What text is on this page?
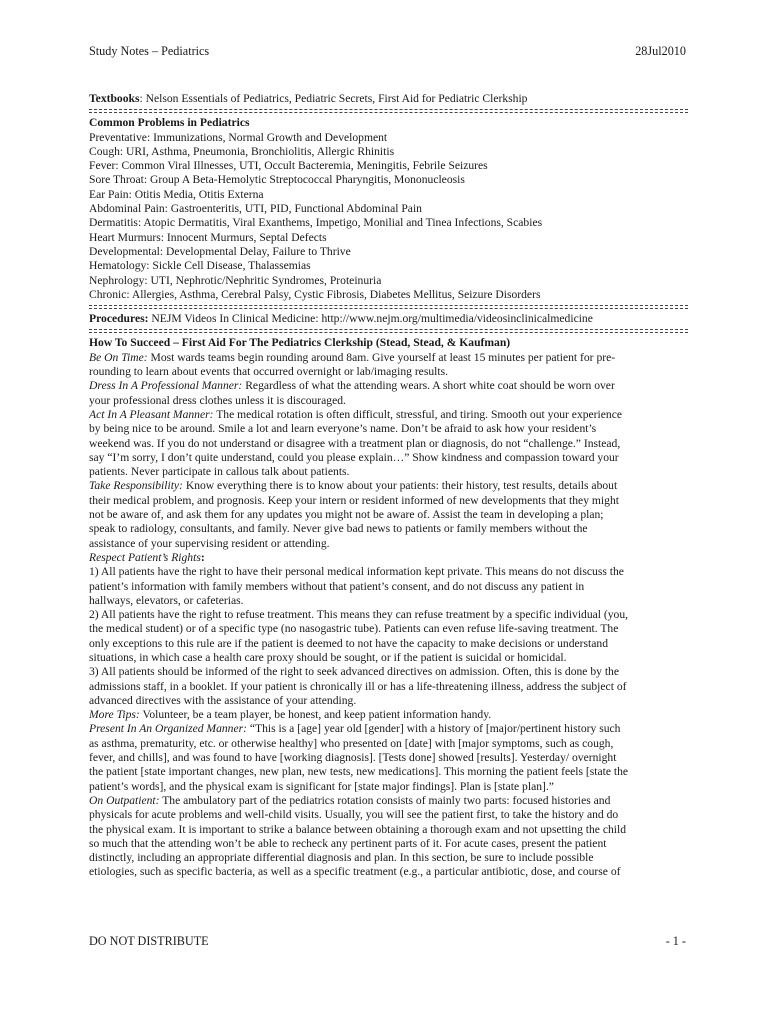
Study Notes – Pediatrics	28Jul2010
Textbooks: Nelson Essentials of Pediatrics, Pediatric Secrets, First Aid for Pediatric Clerkship
Common Problems in Pediatrics
Preventative: Immunizations, Normal Growth and Development
Cough: URI, Asthma, Pneumonia, Bronchiolitis, Allergic Rhinitis
Fever: Common Viral Illnesses, UTI, Occult Bacteremia, Meningitis, Febrile Seizures
Sore Throat: Group A Beta-Hemolytic Streptococcal Pharyngitis, Mononucleosis
Ear Pain: Otitis Media, Otitis Externa
Abdominal Pain: Gastroenteritis, UTI, PID, Functional Abdominal Pain
Dermatitis: Atopic Dermatitis, Viral Exanthems, Impetigo, Monilial and Tinea Infections, Scabies
Heart Murmurs: Innocent Murmurs, Septal Defects
Developmental: Developmental Delay, Failure to Thrive
Hematology: Sickle Cell Disease, Thalassemias
Nephrology: UTI, Nephrotic/Nephritic Syndromes, Proteinuria
Chronic: Allergies, Asthma, Cerebral Palsy, Cystic Fibrosis, Diabetes Mellitus, Seizure Disorders
Procedures: NEJM Videos In Clinical Medicine: http://www.nejm.org/multimedia/videosinclinicalmedicine
How To Succeed – First Aid For The Pediatrics Clerkship (Stead, Stead, & Kaufman)
Be On Time: Most wards teams begin rounding around 8am. Give yourself at least 15 minutes per patient for pre-
rounding to learn about events that occurred overnight or lab/imaging results.
Dress In A Professional Manner: Regardless of what the attending wears. A short white coat should be worn over
your professional dress clothes unless it is discouraged.
Act In A Pleasant Manner: The medical rotation is often difficult, stressful, and tiring. Smooth out your experience
by being nice to be around. Smile a lot and learn everyone’s name. Don’t be afraid to ask how your resident’s
weekend was. If you do not understand or disagree with a treatment plan or diagnosis, do not “challenge.” Instead,
say “I’m sorry, I don’t quite understand, could you please explain…” Show kindness and compassion toward your
patients. Never participate in callous talk about patients.
Take Responsibility: Know everything there is to know about your patients: their history, test results, details about
their medical problem, and prognosis. Keep your intern or resident informed of new developments that they might
not be aware of, and ask them for any updates you might not be aware of. Assist the team in developing a plan;
speak to radiology, consultants, and family. Never give bad news to patients or family members without the
assistance of your supervising resident or attending.
Respect Patient’s Rights:
1) All patients have the right to have their personal medical information kept private. This means do not discuss the
patient’s information with family members without that patient’s consent, and do not discuss any patient in
hallways, elevators, or cafeterias.
2) All patients have the right to refuse treatment. This means they can refuse treatment by a specific individual (you,
the medical student) or of a specific type (no nasogastric tube). Patients can even refuse life-saving treatment. The
only exceptions to this rule are if the patient is deemed to not have the capacity to make decisions or understand
situations, in which case a health care proxy should be sought, or if the patient is suicidal or homicidal.
3) All patients should be informed of the right to seek advanced directives on admission. Often, this is done by the
admissions staff, in a booklet. If your patient is chronically ill or has a life-threatening illness, address the subject of
advanced directives with the assistance of your attending.
More Tips: Volunteer, be a team player, be honest, and keep patient information handy.
Present In An Organized Manner: “This is a [age] year old [gender] with a history of [major/pertinent history such
as asthma, prematurity, etc. or otherwise healthy] who presented on [date] with [major symptoms, such as cough,
fever, and chills], and was found to have [working diagnosis]. [Tests done] showed [results]. Yesterday/ overnight
the patient [state important changes, new plan, new tests, new medications]. This morning the patient feels [state the
patient’s words], and the physical exam is significant for [state major findings]. Plan is [state plan].”
On Outpatient: The ambulatory part of the pediatrics rotation consists of mainly two parts: focused histories and
physicals for acute problems and well-child visits. Usually, you will see the patient first, to take the history and do
the physical exam. It is important to strike a balance between obtaining a thorough exam and not upsetting the child
so much that the attending won’t be able to recheck any pertinent parts of it. For acute cases, present the patient
distinctly, including an appropriate differential diagnosis and plan. In this section, be sure to include possible
etiologies, such as specific bacteria, as well as a specific treatment (e.g., a particular antibiotic, dose, and course of
DO NOT DISTRIBUTE	- 1 -
